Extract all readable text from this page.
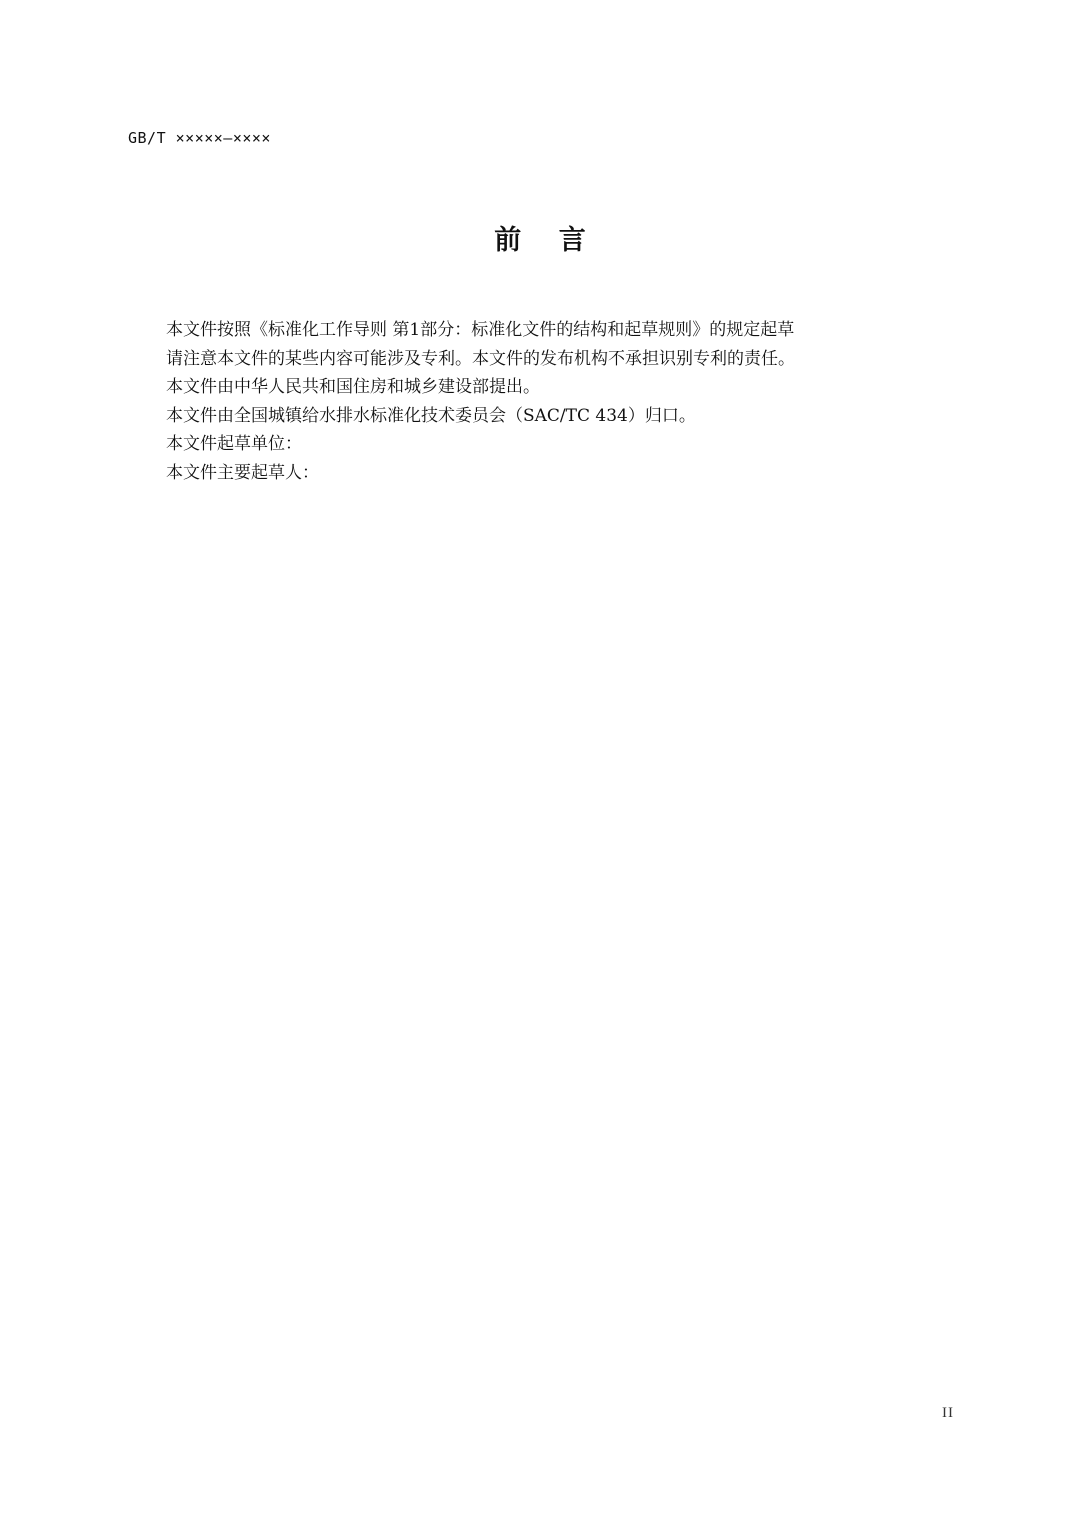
GB/T ×××××—××××
前    言

本文件按照《标准化工作导则 第1部分：标准化文件的结构和起草规则》的规定起草

请注意本文件的某些内容可能涉及专利。本文件的发布机构不承担识别专利的责任。

本文件由中华人民共和国住房和城乡建设部提出。

本文件由全国城镇给水排水标准化技术委员会（SAC/TC 434）归口。

本文件起草单位：

本文件主要起草人：

II
